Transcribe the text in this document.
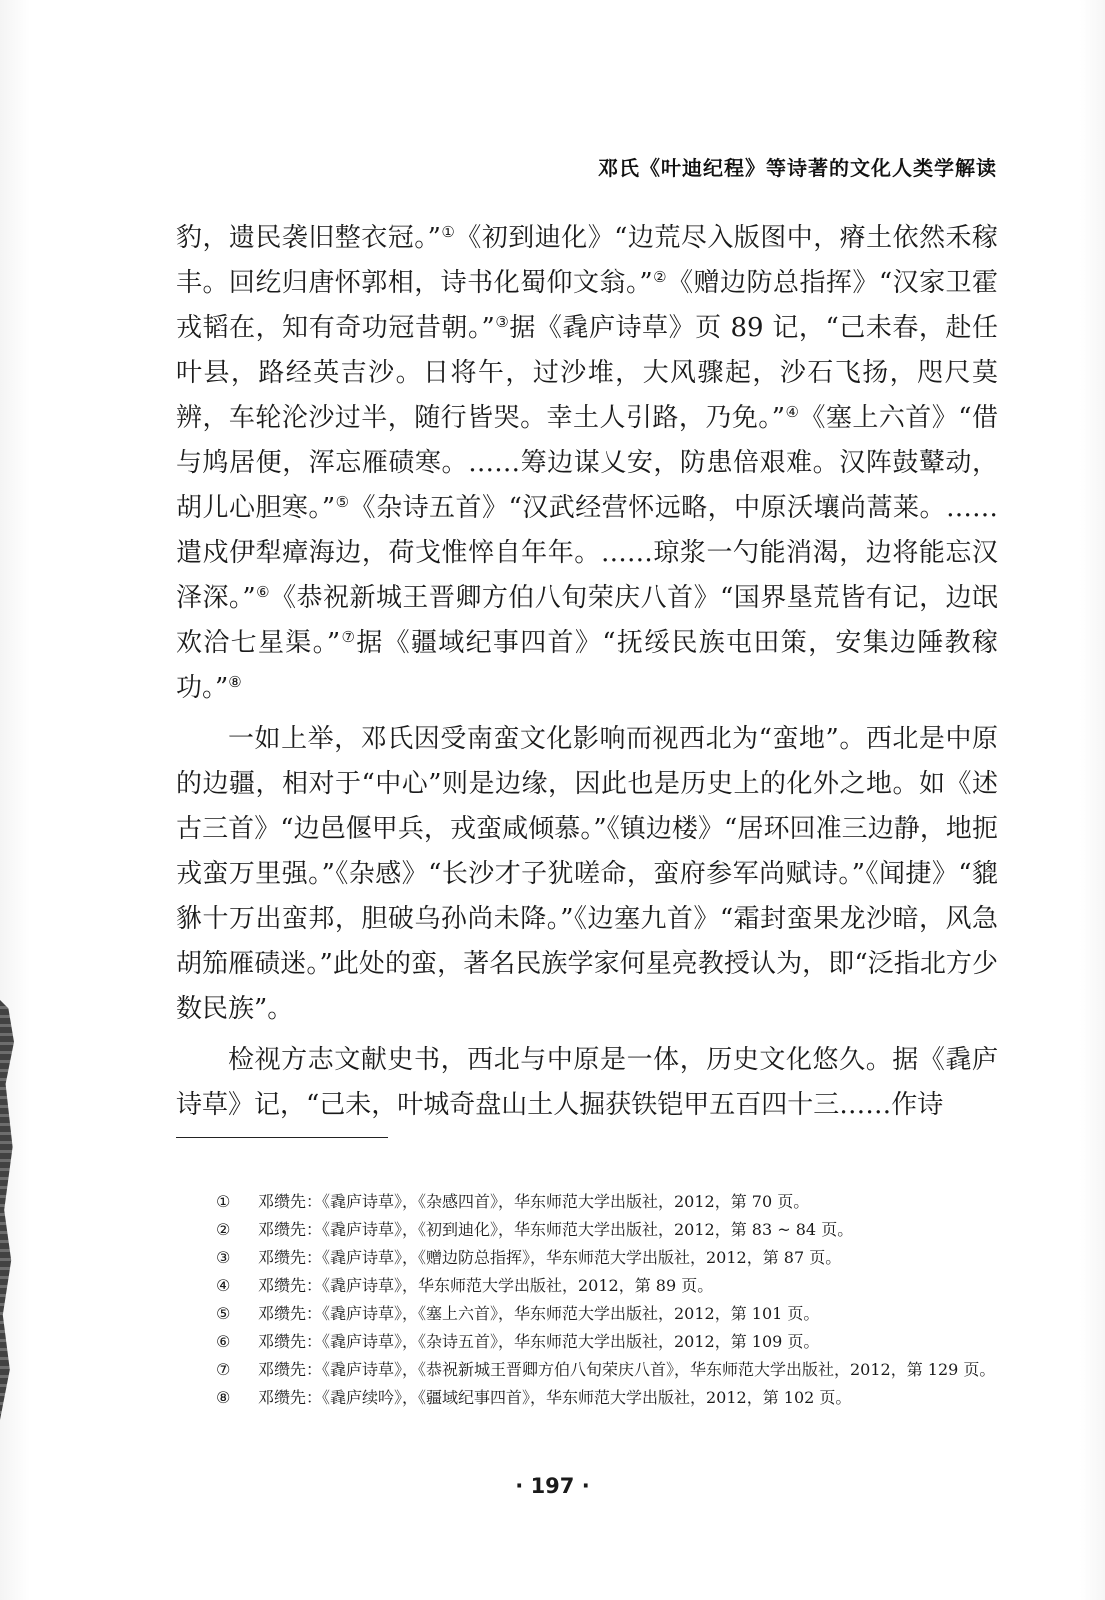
邓氏《叶迪纪程》等诗著的文化人类学解读

豹，遗民袭旧整衣冠。”①《初到迪化》“边荒尽入版图中，瘠土依然禾稼丰。回纥归唐怀郭相，诗书化蜀仰文翁。”②《赠边防总指挥》“汉家卫霍戎韬在，知有奇功冠昔朝。”③据《毳庐诗草》页 89 记，“己未春，赴任叶县，路经英吉沙。日将午，过沙堆，大风骤起，沙石飞扬，咫尺莫辨，车轮沦沙过半，随行皆哭。幸土人引路，乃免。”④《塞上六首》“借与鸠居便，浑忘雁碛寒。……筹边谋乂安，防患倍艰难。汉阵鼓鼙动，胡儿心胆寒。”⑤《杂诗五首》“汉武经营怀远略，中原沃壤尚蒿莱。……遣戍伊犁瘴海边，荷戈惟悴自年年。……琼浆一勺能消渴，边将能忘汉泽深。”⑥《恭祝新城王晋卿方伯八旬荣庆八首》“国界垦荒皆有记，边氓欢洽七星渠。”⑦据《疆域纪事四首》“抚绥民族屯田策，安集边陲教稼功。”⑧

一如上举，邓氏因受南蛮文化影响而视西北为“蛮地”。西北是中原的边疆，相对于“中心”则是边缘，因此也是历史上的化外之地。如《述古三首》“边邑偃甲兵，戎蛮咸倾慕。”《镇边楼》“居环回准三边静，地扼戎蛮万里强。”《杂感》“长沙才子犹嗟命，蛮府参军尚赋诗。”《闻捷》“貔貅十万出蛮邦，胆破乌孙尚未降。”《边塞九首》“霜封蛮果龙沙暗，风急胡笳雁碛迷。”此处的蛮，著名民族学家何星亮教授认为，即“泛指北方少数民族”。

检视方志文献史书，西北与中原是一体，历史文化悠久。据《毳庐诗草》记，“己未，叶城奇盘山土人掘获铁铠甲五百四十三……作诗

①	邓缵先：《毳庐诗草》，《杂感四首》，华东师范大学出版社，2012，第 70 页。
②	邓缵先：《毳庐诗草》，《初到迪化》，华东师范大学出版社，2012，第 83 ~ 84 页。
③	邓缵先：《毳庐诗草》，《赠边防总指挥》，华东师范大学出版社，2012，第 87 页。
④	邓缵先：《毳庐诗草》，华东师范大学出版社，2012，第 89 页。
⑤	邓缵先：《毳庐诗草》，《塞上六首》，华东师范大学出版社，2012，第 101 页。
⑥	邓缵先：《毳庐诗草》，《杂诗五首》，华东师范大学出版社，2012，第 109 页。
⑦	邓缵先：《毳庐诗草》，《恭祝新城王晋卿方伯八旬荣庆八首》，华东师范大学出版社，2012，第 129 页。
⑧	邓缵先：《毳庐续吟》，《疆域纪事四首》，华东师范大学出版社，2012，第 102 页。
· 197 ·
